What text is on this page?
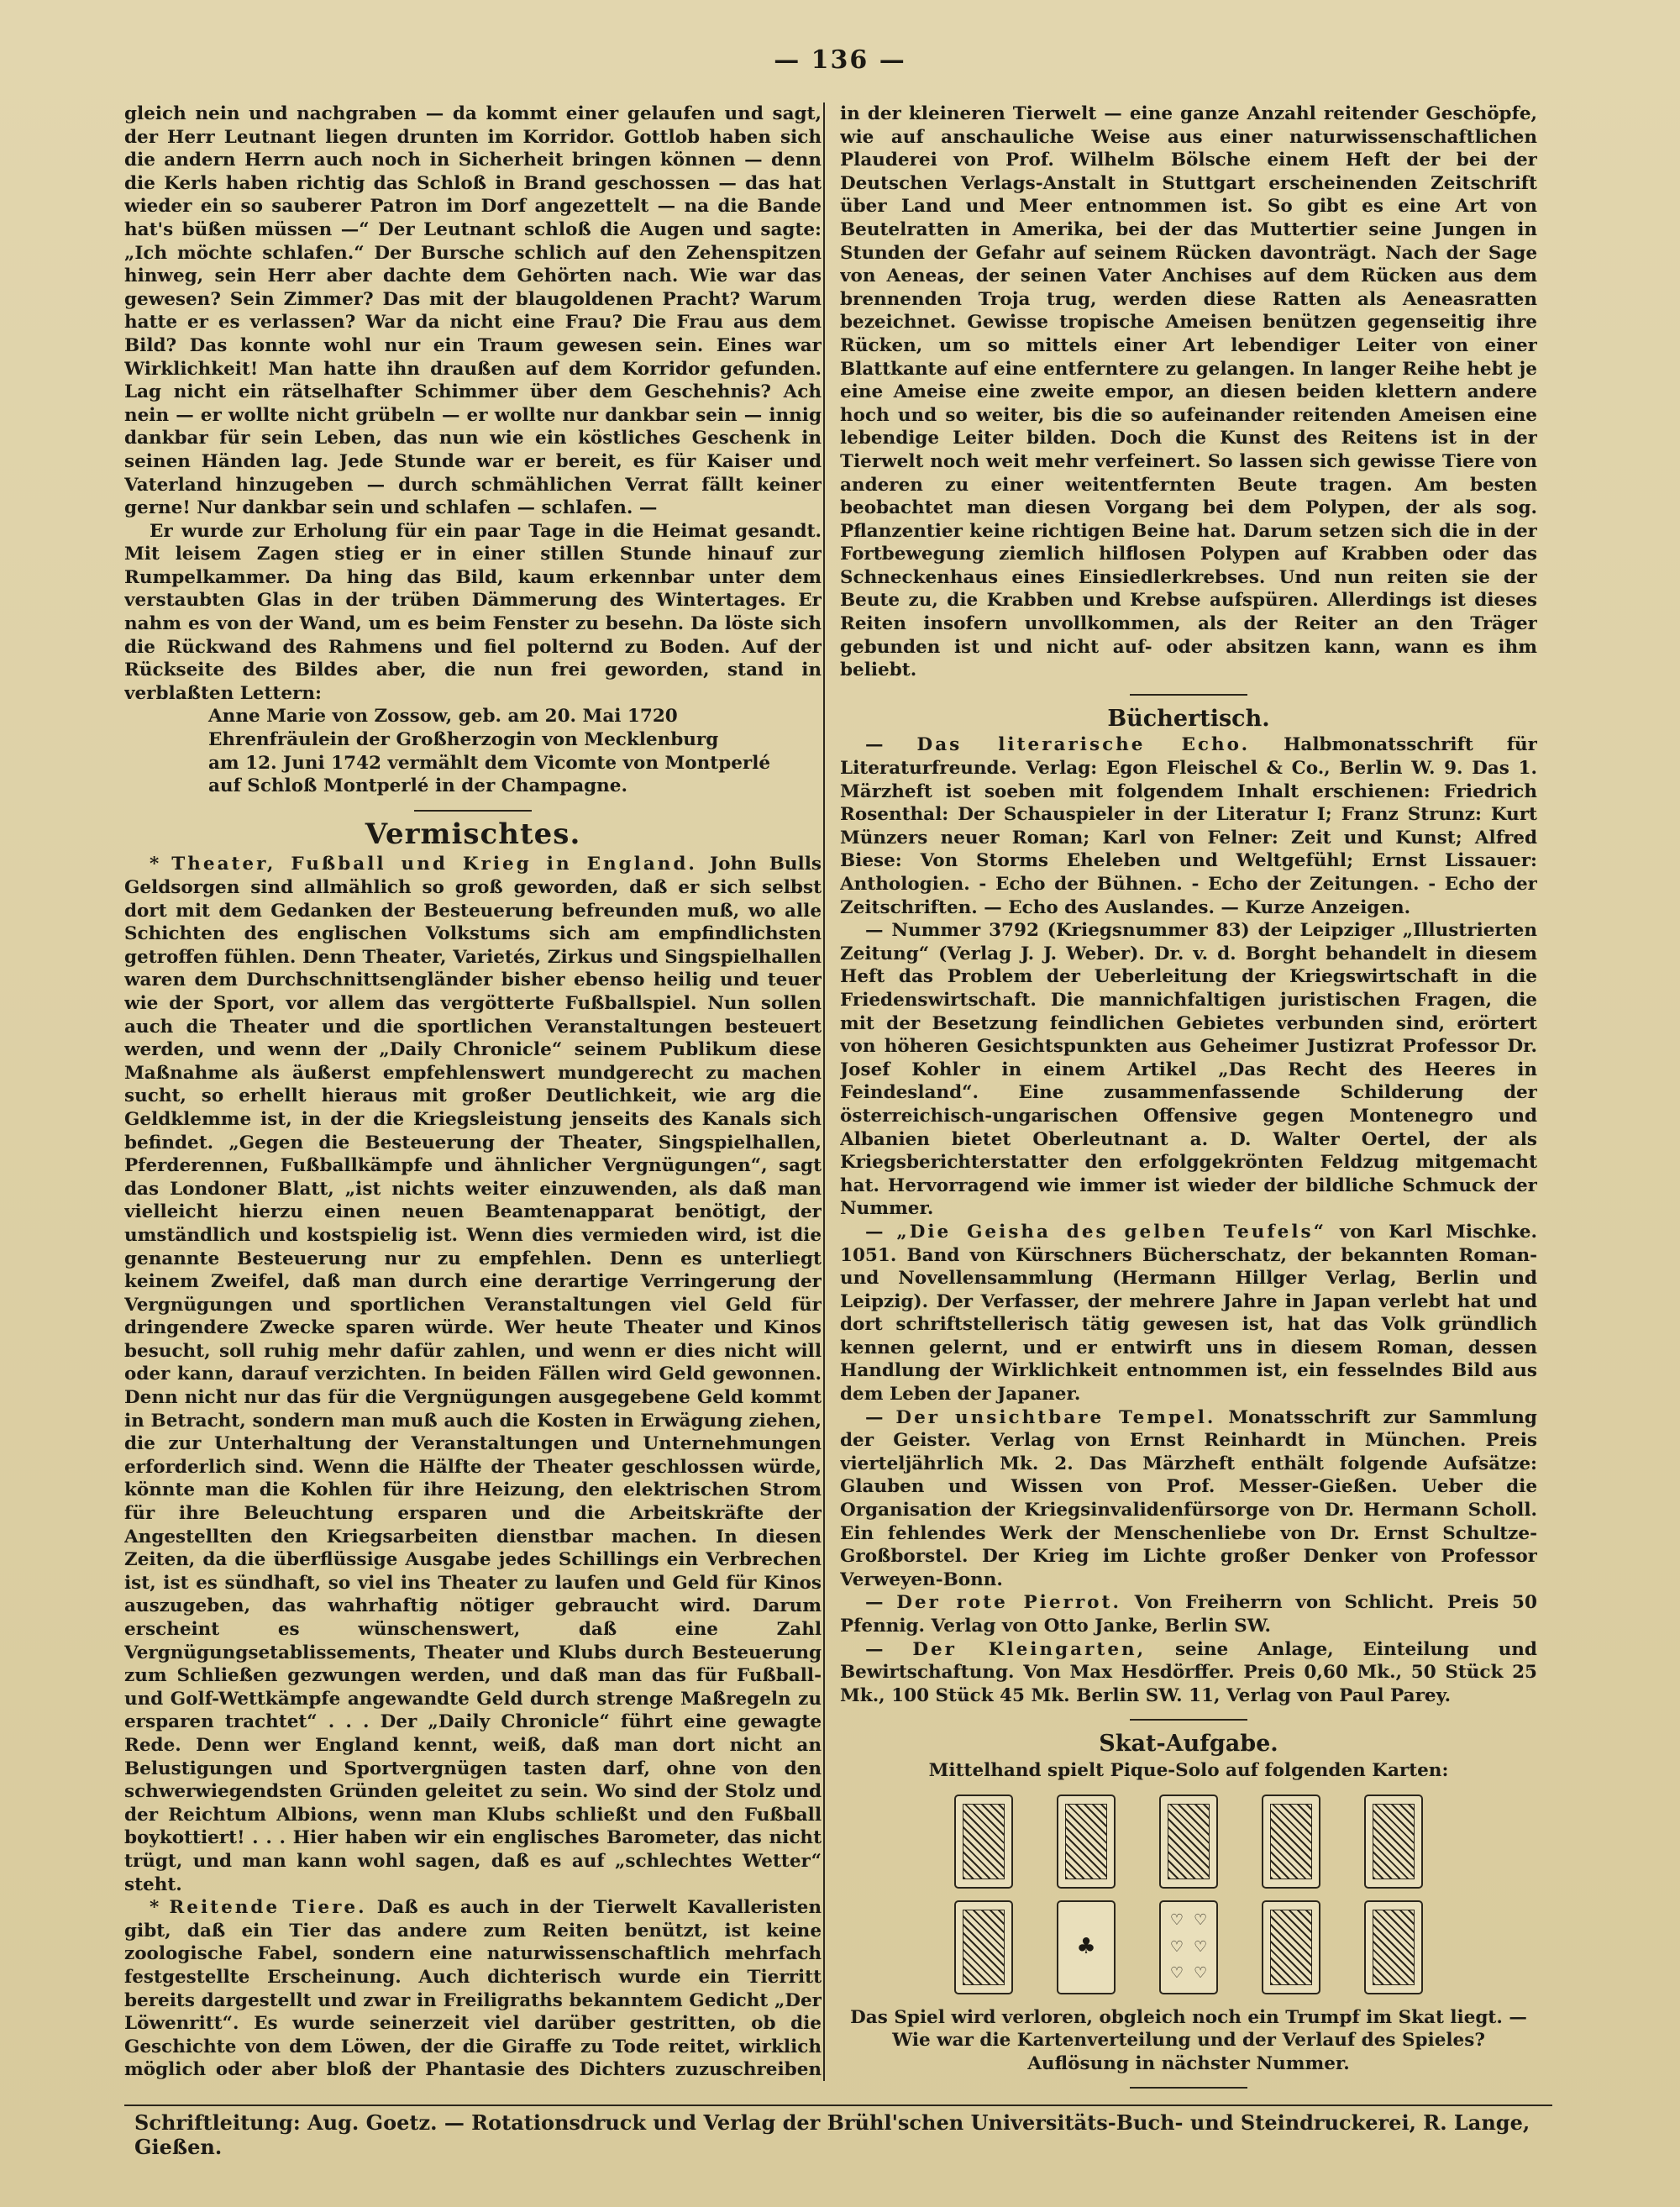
— 136 —

gleich nein und nachgraben — da kommt einer gelaufen und sagt, der Herr Leutnant liegen drunten im Korridor. Gottlob haben sich die andern Herrn auch noch in Sicherheit bringen können — denn die Kerls haben richtig das Schloß in Brand geschossen — das hat wieder ein so sauberer Patron im Dorf angezettelt — na die Bande hat's büßen müssen —“ Der Leutnant schloß die Augen und sagte: „Ich möchte schlafen.“ Der Bursche schlich auf den Zehenspitzen hinweg, sein Herr aber dachte dem Gehörten nach. Wie war das gewesen? Sein Zimmer? Das mit der blaugoldenen Pracht? Warum hatte er es verlassen? War da nicht eine Frau? Die Frau aus dem Bild? Das konnte wohl nur ein Traum gewesen sein. Eines war Wirklichkeit! Man hatte ihn draußen auf dem Korridor gefunden. Lag nicht ein rätselhafter Schimmer über dem Geschehnis? Ach nein — er wollte nicht grübeln — er wollte nur dankbar sein — innig dankbar für sein Leben, das nun wie ein köstliches Geschenk in seinen Händen lag. Jede Stunde war er bereit, es für Kaiser und Vaterland hinzugeben — durch schmählichen Verrat fällt keiner gerne! Nur dankbar sein und schlafen — schlafen. —

Er wurde zur Erholung für ein paar Tage in die Heimat gesandt. Mit leisem Zagen stieg er in einer stillen Stunde hinauf zur Rumpelkammer. Da hing das Bild, kaum erkennbar unter dem verstaubten Glas in der trüben Dämmerung des Wintertages. Er nahm es von der Wand, um es beim Fenster zu besehn. Da löste sich die Rückwand des Rahmens und fiel polternd zu Boden. Auf der Rückseite des Bildes aber, die nun frei geworden, stand in verblaßten Lettern:

Anne Marie von Zossow, geb. am 20. Mai 1720
Ehrenfräulein der Großherzogin von Mecklenburg
am 12. Juni 1742 vermählt dem Vicomte von Montperlé
auf Schloß Montperlé in der Champagne.
Vermischtes.

* Theater, Fußball und Krieg in England. John Bulls Geldsorgen sind allmählich so groß geworden, daß er sich selbst dort mit dem Gedanken der Besteuerung befreunden muß, wo alle Schichten des englischen Volkstums sich am empfindlichsten getroffen fühlen. Denn Theater, Varietés, Zirkus und Singspielhallen waren dem Durchschnittsengländer bisher ebenso heilig und teuer wie der Sport, vor allem das vergötterte Fußballspiel. Nun sollen auch die Theater und die sportlichen Veranstaltungen besteuert werden, und wenn der „Daily Chronicle“ seinem Publikum diese Maßnahme als äußerst empfehlenswert mundgerecht zu machen sucht, so erhellt hieraus mit großer Deutlichkeit, wie arg die Geldklemme ist, in der die Kriegsleistung jenseits des Kanals sich befindet. „Gegen die Besteuerung der Theater, Singspielhallen, Pferderennen, Fußballkämpfe und ähnlicher Vergnügungen“, sagt das Londoner Blatt, „ist nichts weiter einzuwenden, als daß man vielleicht hierzu einen neuen Beamtenapparat benötigt, der umständlich und kostspielig ist. Wenn dies vermieden wird, ist die genannte Besteuerung nur zu empfehlen. Denn es unterliegt keinem Zweifel, daß man durch eine derartige Verringerung der Vergnügungen und sportlichen Veranstaltungen viel Geld für dringendere Zwecke sparen würde. Wer heute Theater und Kinos besucht, soll ruhig mehr dafür zahlen, und wenn er dies nicht will oder kann, darauf verzichten. In beiden Fällen wird Geld gewonnen. Denn nicht nur das für die Vergnügungen ausgegebene Geld kommt in Betracht, sondern man muß auch die Kosten in Erwägung ziehen, die zur Unterhaltung der Veranstaltungen und Unternehmungen erforderlich sind. Wenn die Hälfte der Theater geschlossen würde, könnte man die Kohlen für ihre Heizung, den elektrischen Strom für ihre Beleuchtung ersparen und die Arbeitskräfte der Angestellten den Kriegsarbeiten dienstbar machen. In diesen Zeiten, da die überflüssige Ausgabe jedes Schillings ein Verbrechen ist, ist es sündhaft, so viel ins Theater zu laufen und Geld für Kinos auszugeben, das wahrhaftig nötiger gebraucht wird. Darum erscheint es wünschenswert, daß eine Zahl Vergnügungsetablissements, Theater und Klubs durch Besteuerung zum Schließen gezwungen werden, und daß man das für Fußball- und Golf-Wettkämpfe angewandte Geld durch strenge Maßregeln zu ersparen trachtet“ . . . Der „Daily Chronicle“ führt eine gewagte Rede. Denn wer England kennt, weiß, daß man dort nicht an Belustigungen und Sportvergnügen tasten darf, ohne von den schwerwiegendsten Gründen geleitet zu sein. Wo sind der Stolz und der Reichtum Albions, wenn man Klubs schließt und den Fußball boykottiert! . . . Hier haben wir ein englisches Barometer, das nicht trügt, und man kann wohl sagen, daß es auf „schlechtes Wetter“ steht.

* Reitende Tiere. Daß es auch in der Tierwelt Kavalleristen gibt, daß ein Tier das andere zum Reiten benützt, ist keine zoologische Fabel, sondern eine naturwissenschaftlich mehrfach festgestellte Erscheinung. Auch dichterisch wurde ein Tierritt bereits dargestellt und zwar in Freiligraths bekanntem Gedicht „Der Löwenritt“. Es wurde seinerzeit viel darüber gestritten, ob die Geschichte von dem Löwen, der die Giraffe zu Tode reitet, wirklich möglich oder aber bloß der Phantasie des Dichters zuzuschreiben

in der kleineren Tierwelt — eine ganze Anzahl reitender Geschöpfe, wie auf anschauliche Weise aus einer naturwissenschaftlichen Plauderei von Prof. Wilhelm Bölsche einem Heft der bei der Deutschen Verlags-Anstalt in Stuttgart erscheinenden Zeitschrift über Land und Meer entnommen ist. So gibt es eine Art von Beutelratten in Amerika, bei der das Muttertier seine Jungen in Stunden der Gefahr auf seinem Rücken davonträgt. Nach der Sage von Aeneas, der seinen Vater Anchises auf dem Rücken aus dem brennenden Troja trug, werden diese Ratten als Aeneasratten bezeichnet. Gewisse tropische Ameisen benützen gegenseitig ihre Rücken, um so mittels einer Art lebendiger Leiter von einer Blattkante auf eine entferntere zu gelangen. In langer Reihe hebt je eine Ameise eine zweite empor, an diesen beiden klettern andere hoch und so weiter, bis die so aufeinander reitenden Ameisen eine lebendige Leiter bilden. Doch die Kunst des Reitens ist in der Tierwelt noch weit mehr verfeinert. So lassen sich gewisse Tiere von anderen zu einer weitentfernten Beute tragen. Am besten beobachtet man diesen Vorgang bei dem Polypen, der als sog. Pflanzentier keine richtigen Beine hat. Darum setzen sich die in der Fortbewegung ziemlich hilflosen Polypen auf Krabben oder das Schneckenhaus eines Einsiedlerkrebses. Und nun reiten sie der Beute zu, die Krabben und Krebse aufspüren. Allerdings ist dieses Reiten insofern unvollkommen, als der Reiter an den Träger gebunden ist und nicht auf- oder absitzen kann, wann es ihm beliebt.

Büchertisch.

— Das literarische Echo. Halbmonatsschrift für Literaturfreunde. Verlag: Egon Fleischel & Co., Berlin W. 9. Das 1. Märzheft ist soeben mit folgendem Inhalt erschienen: Friedrich Rosenthal: Der Schauspieler in der Literatur I; Franz Strunz: Kurt Münzers neuer Roman; Karl von Felner: Zeit und Kunst; Alfred Biese: Von Storms Eheleben und Weltgefühl; Ernst Lissauer: Anthologien. - Echo der Bühnen. - Echo der Zeitungen. - Echo der Zeitschriften. — Echo des Auslandes. — Kurze Anzeigen.

— Nummer 3792 (Kriegsnummer 83) der Leipziger „Illustrierten Zeitung“ (Verlag J. J. Weber). Dr. v. d. Borght behandelt in diesem Heft das Problem der Ueberleitung der Kriegswirtschaft in die Friedenswirtschaft. Die mannichfaltigen juristischen Fragen, die mit der Besetzung feindlichen Gebietes verbunden sind, erörtert von höheren Gesichtspunkten aus Geheimer Justizrat Professor Dr. Josef Kohler in einem Artikel „Das Recht des Heeres in Feindesland“. Eine zusammenfassende Schilderung der österreichisch-ungarischen Offensive gegen Montenegro und Albanien bietet Oberleutnant a. D. Walter Oertel, der als Kriegsberichterstatter den erfolggekrönten Feldzug mitgemacht hat. Hervorragend wie immer ist wieder der bildliche Schmuck der Nummer.

— „Die Geisha des gelben Teufels“ von Karl Mischke. 1051. Band von Kürschners Bücherschatz, der bekannten Roman- und Novellensammlung (Hermann Hillger Verlag, Berlin und Leipzig). Der Verfasser, der mehrere Jahre in Japan verlebt hat und dort schriftstellerisch tätig gewesen ist, hat das Volk gründlich kennen gelernt, und er entwirft uns in diesem Roman, dessen Handlung der Wirklichkeit entnommen ist, ein fesselndes Bild aus dem Leben der Japaner.

— Der unsichtbare Tempel. Monatsschrift zur Sammlung der Geister. Verlag von Ernst Reinhardt in München. Preis vierteljährlich Mk. 2. Das Märzheft enthält folgende Aufsätze: Glauben und Wissen von Prof. Messer-Gießen. Ueber die Organisation der Kriegsinvalidenfürsorge von Dr. Hermann Scholl. Ein fehlendes Werk der Menschenliebe von Dr. Ernst Schultze-Großborstel. Der Krieg im Lichte großer Denker von Professor Verweyen-Bonn.

— Der rote Pierrot. Von Freiherrn von Schlicht. Preis 50 Pfennig. Verlag von Otto Janke, Berlin SW.

— Der Kleingarten, seine Anlage, Einteilung und Bewirtschaftung. Von Max Hesdörffer. Preis 0,60 Mk., 50 Stück 25 Mk., 100 Stück 45 Mk. Berlin SW. 11, Verlag von Paul Parey.

Skat-Aufgabe.
Mittelhand spielt Pique-Solo auf folgenden Karten:
♣
♡ ♡
♡ ♡
♡ ♡

Das Spiel wird verloren, obgleich noch ein Trumpf im Skat liegt. — Wie war die Kartenverteilung und der Verlauf des Spieles? Auflösung in nächster Nummer.

Schriftleitung: Aug. Goetz. — Rotationsdruck und Verlag der Brühl'schen Universitäts-Buch- und Steindruckerei, R. Lange, Gießen.
